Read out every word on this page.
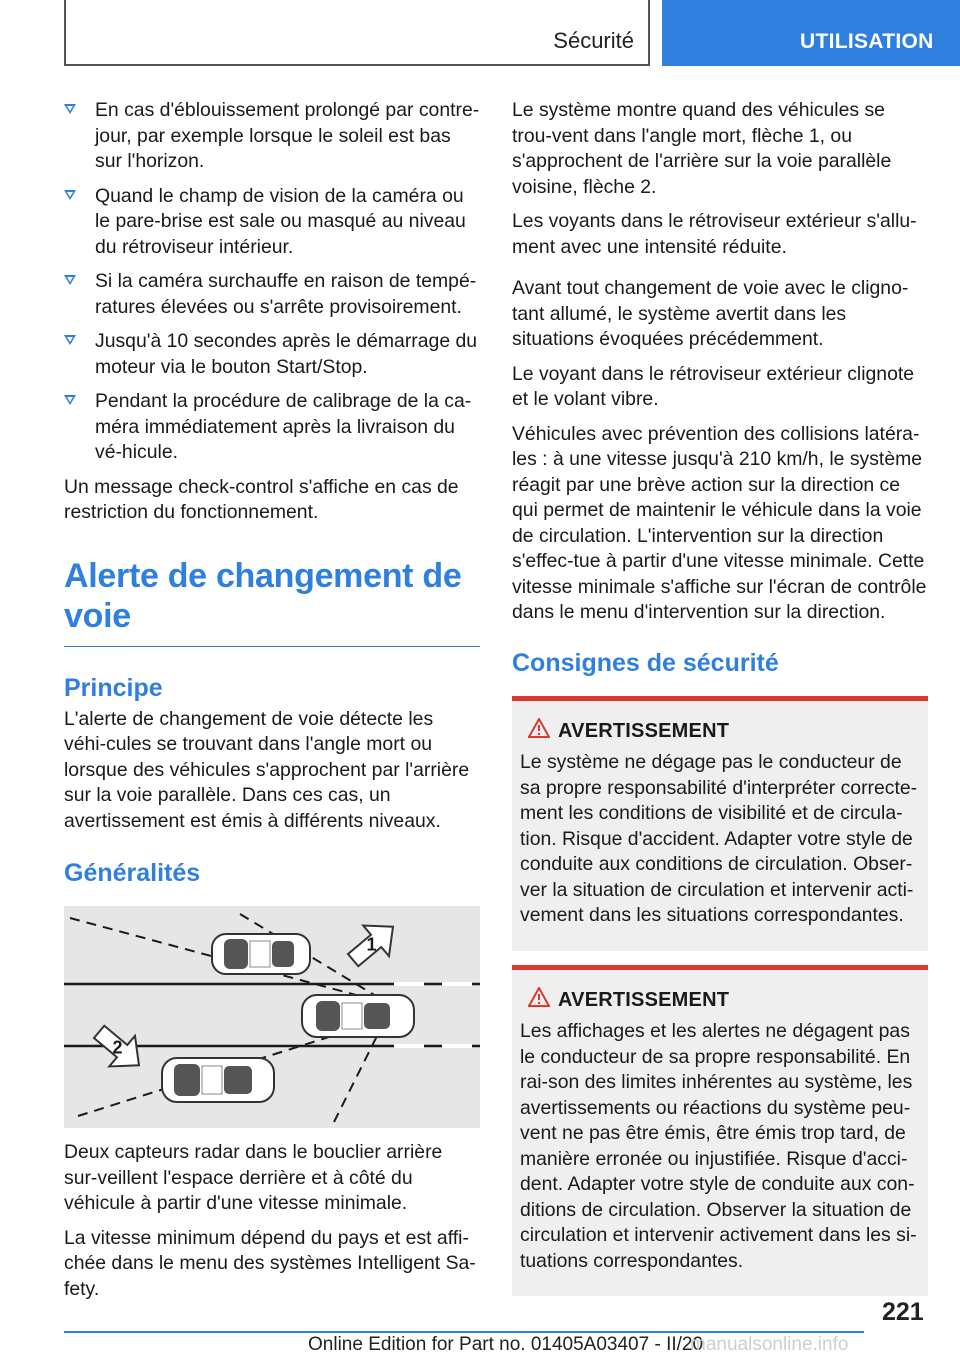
Sécurité	UTILISATION
En cas d'éblouissement prolongé par contre-jour, par exemple lorsque le soleil est bas sur l'horizon.
Quand le champ de vision de la caméra ou le pare-brise est sale ou masqué au niveau du rétroviseur intérieur.
Si la caméra surchauffe en raison de tempé-ratures élevées ou s'arrête provisoirement.
Jusqu'à 10 secondes après le démarrage du moteur via le bouton Start/Stop.
Pendant la procédure de calibrage de la ca-méra immédiatement après la livraison du vé-hicule.

Un message check-control s'affiche en cas de restriction du fonctionnement.

Alerte de changement de voie
Principe

L'alerte de changement de voie détecte les véhi-cules se trouvant dans l'angle mort ou lorsque des véhicules s'approchent par l'arrière sur la voie parallèle. Dans ces cas, un avertissement est émis à différents niveaux.

Généralités
1
2

Deux capteurs radar dans le bouclier arrière sur-veillent l'espace derrière et à côté du véhicule à partir d'une vitesse minimale.

La vitesse minimum dépend du pays et est affi-chée dans le menu des systèmes Intelligent Sa-fety.

Le système montre quand des véhicules se trou-vent dans l'angle mort, flèche 1, ou s'approchent de l'arrière sur la voie parallèle voisine, flèche 2.

Les voyants dans le rétroviseur extérieur s'allu-ment avec une intensité réduite.

Avant tout changement de voie avec le cligno-tant allumé, le système avertit dans les situations évoquées précédemment.

Le voyant dans le rétroviseur extérieur clignote et le volant vibre.

Véhicules avec prévention des collisions latéra-les : à une vitesse jusqu'à 210 km/h, le système réagit par une brève action sur la direction ce qui permet de maintenir le véhicule dans la voie de circulation. L'intervention sur la direction s'effec-tue à partir d'une vitesse minimale. Cette vitesse minimale s'affiche sur l'écran de contrôle dans le menu d'intervention sur la direction.

Consignes de sécurité
AVERTISSEMENT

Le système ne dégage pas le conducteur de sa propre responsabilité d'interpréter correcte-ment les conditions de visibilité et de circula-tion. Risque d'accident. Adapter votre style de conduite aux conditions de circulation. Obser-ver la situation de circulation et intervenir acti-vement dans les situations correspondantes.

AVERTISSEMENT

Les affichages et les alertes ne dégagent pas le conducteur de sa propre responsabilité. En rai-son des limites inhérentes au système, les avertissements ou réactions du système peu-vent ne pas être émis, être émis trop tard, de manière erronée ou injustifiée. Risque d'acci-dent. Adapter votre style de conduite aux con-ditions de circulation. Observer la situation de circulation et intervenir activement dans les si-tuations correspondantes.

221
Online Edition for Part no. 01405A03407 - II/20
manualsonline.info
